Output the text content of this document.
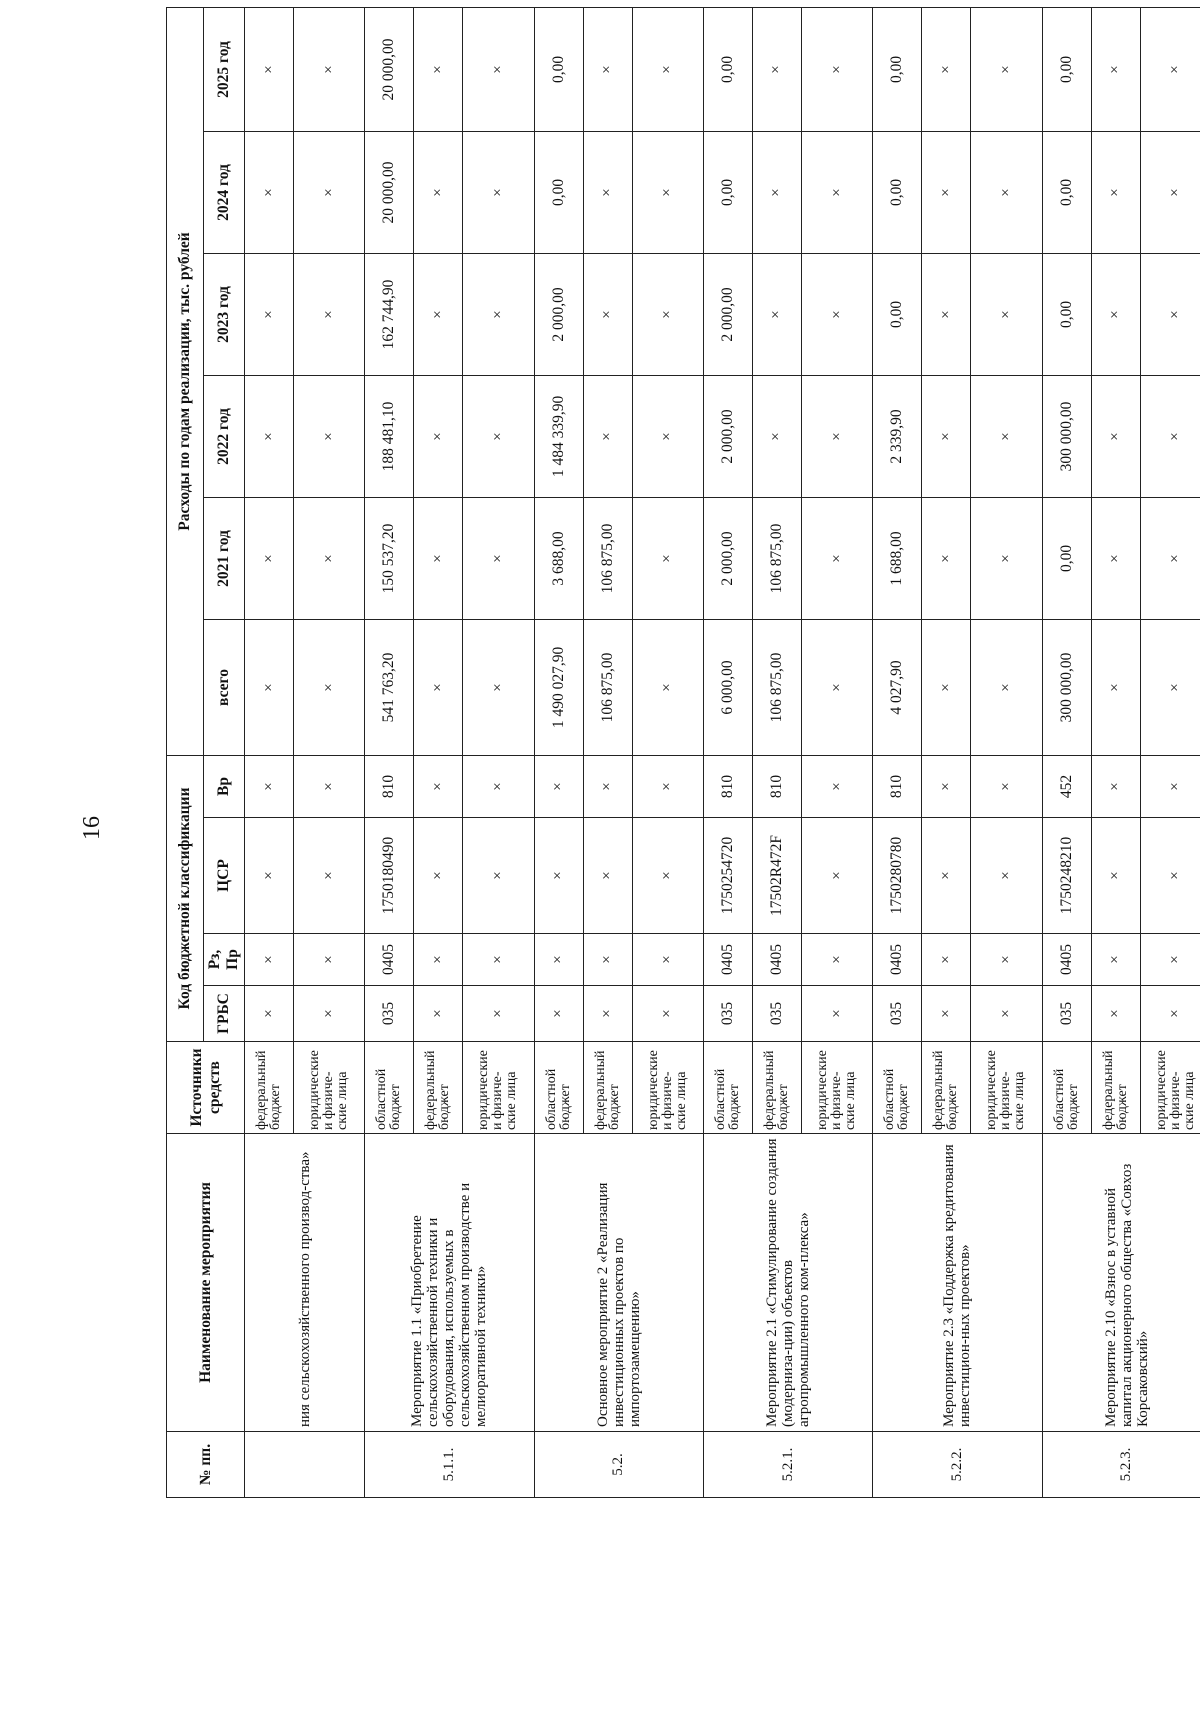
16
№ пп.	Наименование мероприятия	Источники средств	Код бюджетной классификации				Расходы по годам реализации, тыс. рублей					
			ГРБС	Рз, Пр	ЦСР	Вр	всего	2021 год	2022 год	2023 год	2024 год	2025 год
	ния сельскохозяйственного производ-ства»	федеральный бюджет	×	×	×	×	×	×	×	×	×	×
		юридические и физиче-ские лица	×	×	×	×	×	×	×	×	×	×
5.1.1.	Мероприятие 1.1 «Приобретение сельскохозяйственной техники и оборудования, используемых в сельскохозяйственном производстве и мелиоративной техники»	областной бюджет	035	0405	1750180490	810	541 763,20	150 537,20	188 481,10	162 744,90	20 000,00	20 000,00
		федеральный бюджет	×	×	×	×	×	×	×	×	×	×
		юридические и физиче-ские лица	×	×	×	×	×	×	×	×	×	×
5.2.	Основное мероприятие 2 «Реализация инвестиционных проектов по импортозамещению»	областной бюджет	×	×	×	×	1 490 027,90	3 688,00	1 484 339,90	2 000,00	0,00	0,00
		федеральный бюджет	×	×	×	×	106 875,00	106 875,00	×	×	×	×
		юридические и физиче-ские лица	×	×	×	×	×	×	×	×	×	×
5.2.1.	Мероприятие 2.1 «Стимулирование создания (модерниза-ции) объектов агропромышленного ком-плекса»	областной бюджет	035	0405	1750254720	810	6 000,00	2 000,00	2 000,00	2 000,00	0,00	0,00
		федеральный бюджет	035	0405	17502R472F	810	106 875,00	106 875,00	×	×	×	×
		юридические и физиче-ские лица	×	×	×	×	×	×	×	×	×	×
5.2.2.	Мероприятие 2.3 «Поддержка кредитования инвестицион-ных проектов»	областной бюджет	035	0405	1750280780	810	4 027,90	1 688,00	2 339,90	0,00	0,00	0,00
		федеральный бюджет	×	×	×	×	×	×	×	×	×	×
		юридические и физиче-ские лица	×	×	×	×	×	×	×	×	×	×
5.2.3.	Мероприятие 2.10 «Взнос в уставной капитал акционерного общества «Совхоз Корсаковский»	областной бюджет	035	0405	1750248210	452	300 000,00	0,00	300 000,00	0,00	0,00	0,00
		федеральный бюджет	×	×	×	×	×	×	×	×	×	×
		юридические и физиче-ские лица	×	×	×	×	×	×	×	×	×	×
